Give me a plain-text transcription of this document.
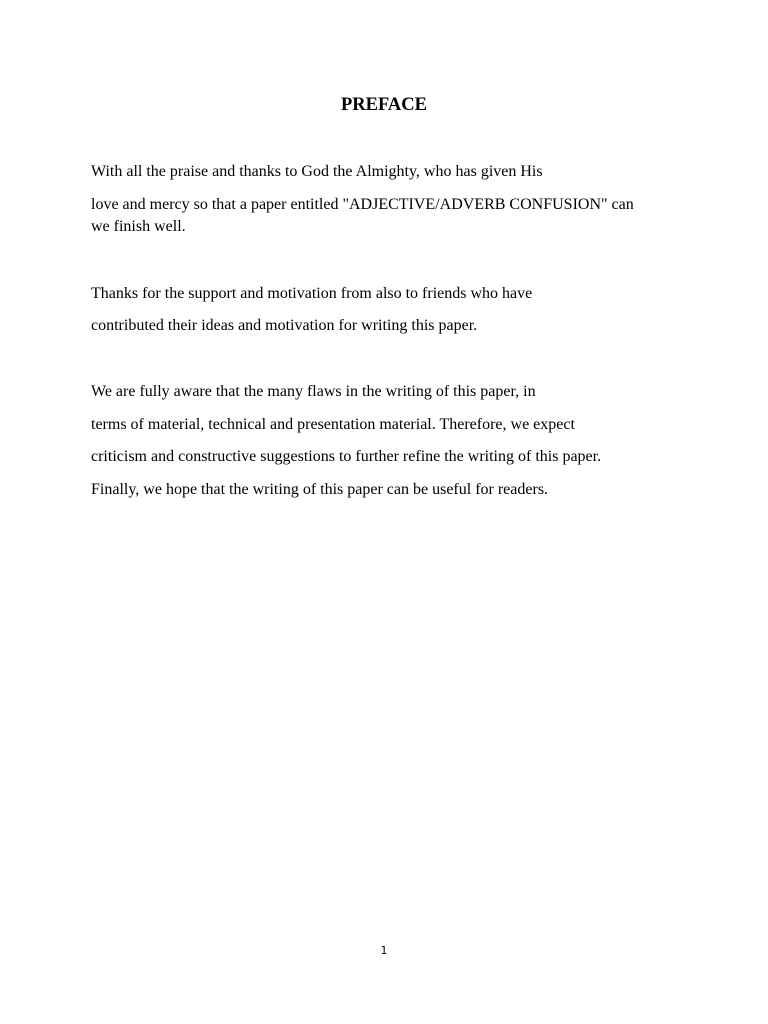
PREFACE

With all the praise and thanks to God the Almighty, who has given His

love and mercy so that a paper entitled "ADJECTIVE/ADVERB CONFUSION" can

we finish well.

Thanks for the support and motivation from also to friends who have

contributed their ideas and motivation for writing this paper.

We are fully aware that the many flaws in the writing of this paper, in

terms of material, technical and presentation material. Therefore, we expect

criticism and constructive suggestions to further refine the writing of this paper.

Finally, we hope that the writing of this paper can be useful for readers.

1
